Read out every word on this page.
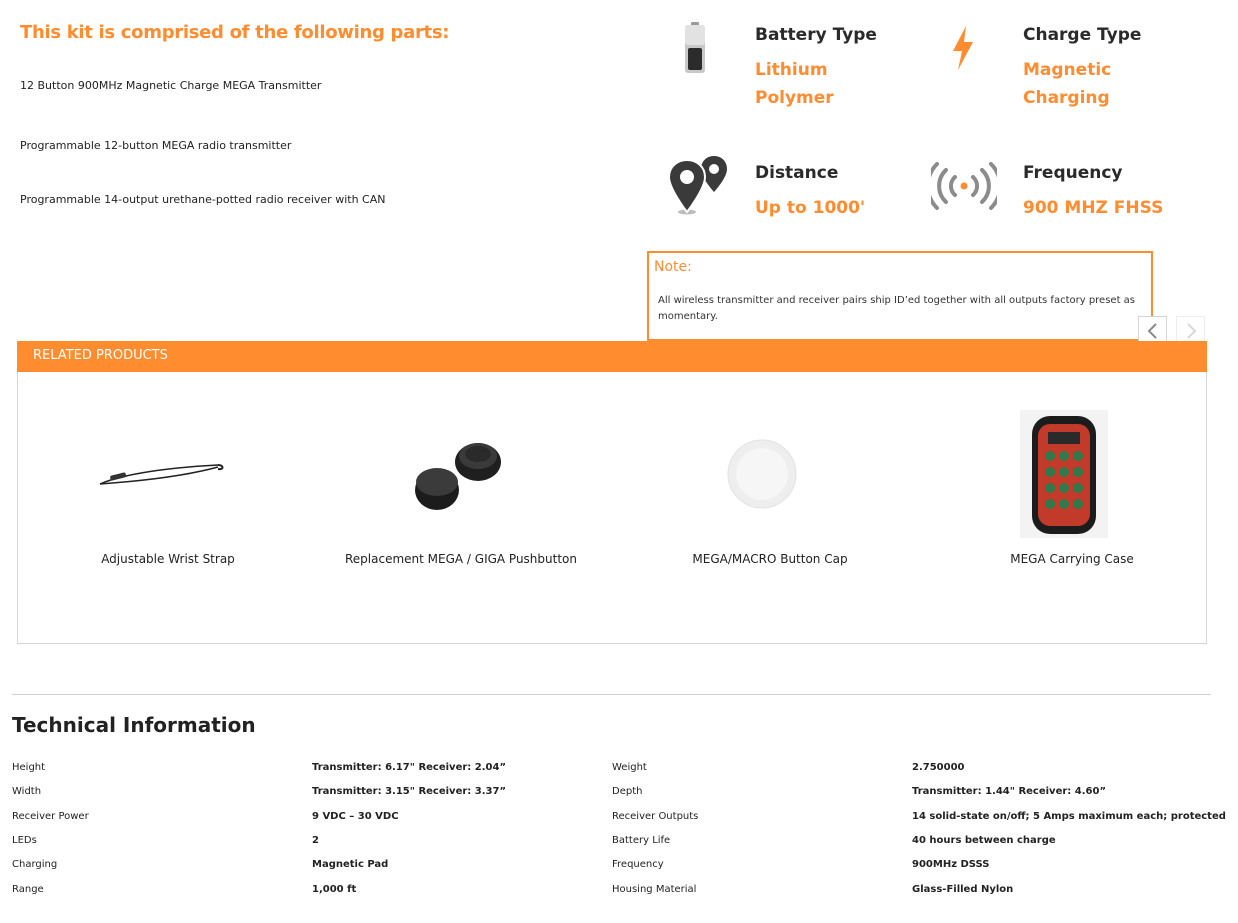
This kit is comprised of the following parts:
12 Button 900MHz Magnetic Charge MEGA Transmitter
Programmable 12-button MEGA radio transmitter
Programmable 14-output urethane-potted radio receiver with CAN
Battery Type
Lithium
Polymer
Charge Type
Magnetic
Charging
Distance
Up to 1000'
Frequency
900 MHZ FHSS
Note:
All wireless transmitter and receiver pairs ship ID’ed together with all outputs factory preset as momentary.
RELATED PRODUCTS
Adjustable Wrist Strap	Replacement MEGA / GIGA Pushbutton	MEGA/MACRO Button Cap	MEGA Carrying Case
Technical Information
Height	Transmitter: 6.17" Receiver: 2.04”	Weight	2.750000
Width	Transmitter: 3.15" Receiver: 3.37”	Depth	Transmitter: 1.44" Receiver: 4.60”
Receiver Power	9 VDC – 30 VDC	Receiver Outputs	14 solid-state on/off; 5 Amps maximum each; protected
LEDs	2	Battery Life	40 hours between charge
Charging	Magnetic Pad	Frequency	900MHz DSSS
Range	1,000 ft	Housing Material	Glass-Filled Nylon
